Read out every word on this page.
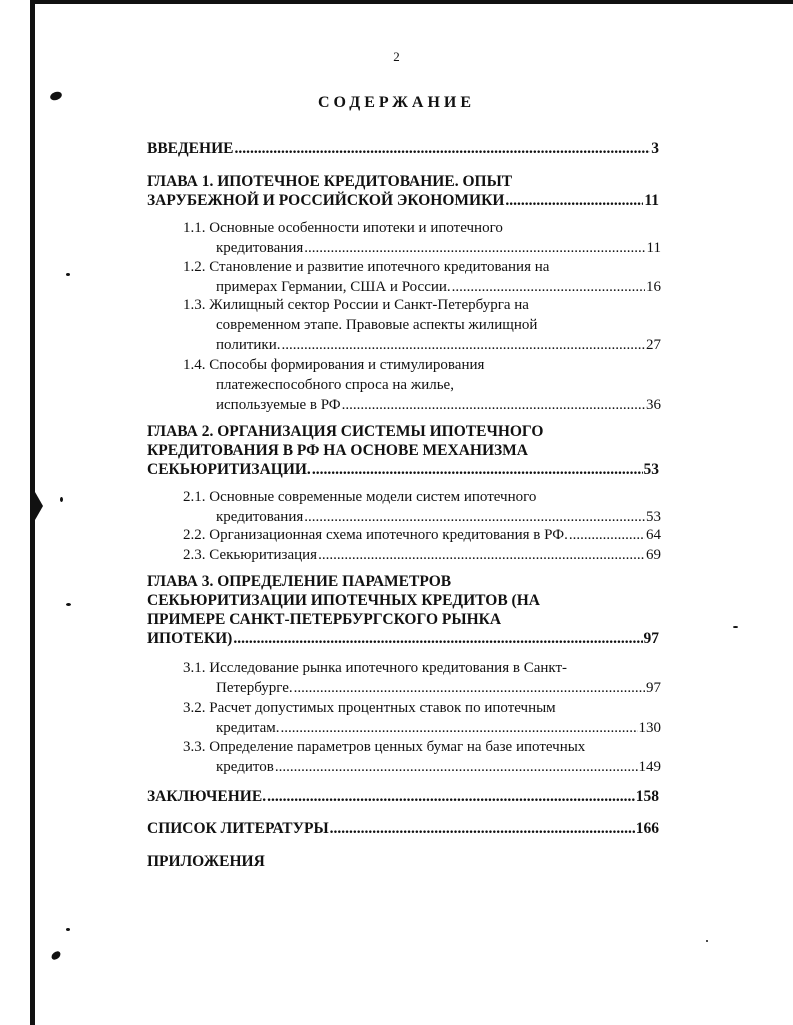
2
СОДЕРЖАНИЕ
ВВЕДЕНИЕ .....	3
ГЛАВА 1. ИПОТЕЧНОЕ КРЕДИТОВАНИЕ. ОПЫТ
ЗАРУБЕЖНОЙ И РОССИЙСКОЙ ЭКОНОМИКИ .....	11
1.1. Основные особенности ипотеки и ипотечного
кредитования .....	11
1.2. Становление и развитие ипотечного кредитования на
примерах Германии, США и России. .....	16
1.3. Жилищный сектор России и Санкт-Петербурга на
современном этапе. Правовые аспекты жилищной
политики. .....	27
1.4. Способы формирования и стимулирования
платежеспособного спроса на жилье,
используемые в РФ .....	36
ГЛАВА 2. ОРГАНИЗАЦИЯ СИСТЕМЫ ИПОТЕЧНОГО
КРЕДИТОВАНИЯ В РФ НА ОСНОВЕ МЕХАНИЗМА
СЕКЬЮРИТИЗАЦИИ. .....	53
2.1. Основные современные модели систем ипотечного
кредитования .....	53
2.2. Организационная схема ипотечного кредитования в РФ. .....	64
2.3. Секьюритизация .....	69
ГЛАВА 3. ОПРЕДЕЛЕНИЕ ПАРАМЕТРОВ
СЕКЬЮРИТИЗАЦИИ ИПОТЕЧНЫХ КРЕДИТОВ (НА
ПРИМЕРЕ САНКТ-ПЕТЕРБУРГСКОГО РЫНКА
ИПОТЕКИ) .....	97
3.1. Исследование рынка ипотечного кредитования в Санкт-
Петербурге. .....	97
3.2. Расчет допустимых процентных ставок по ипотечным
кредитам. .....	130
3.3. Определение параметров ценных бумаг на базе ипотечных
кредитов .....	149
ЗАКЛЮЧЕНИЕ. .....	158
СПИСОК ЛИТЕРАТУРЫ .....	166
ПРИЛОЖЕНИЯ
